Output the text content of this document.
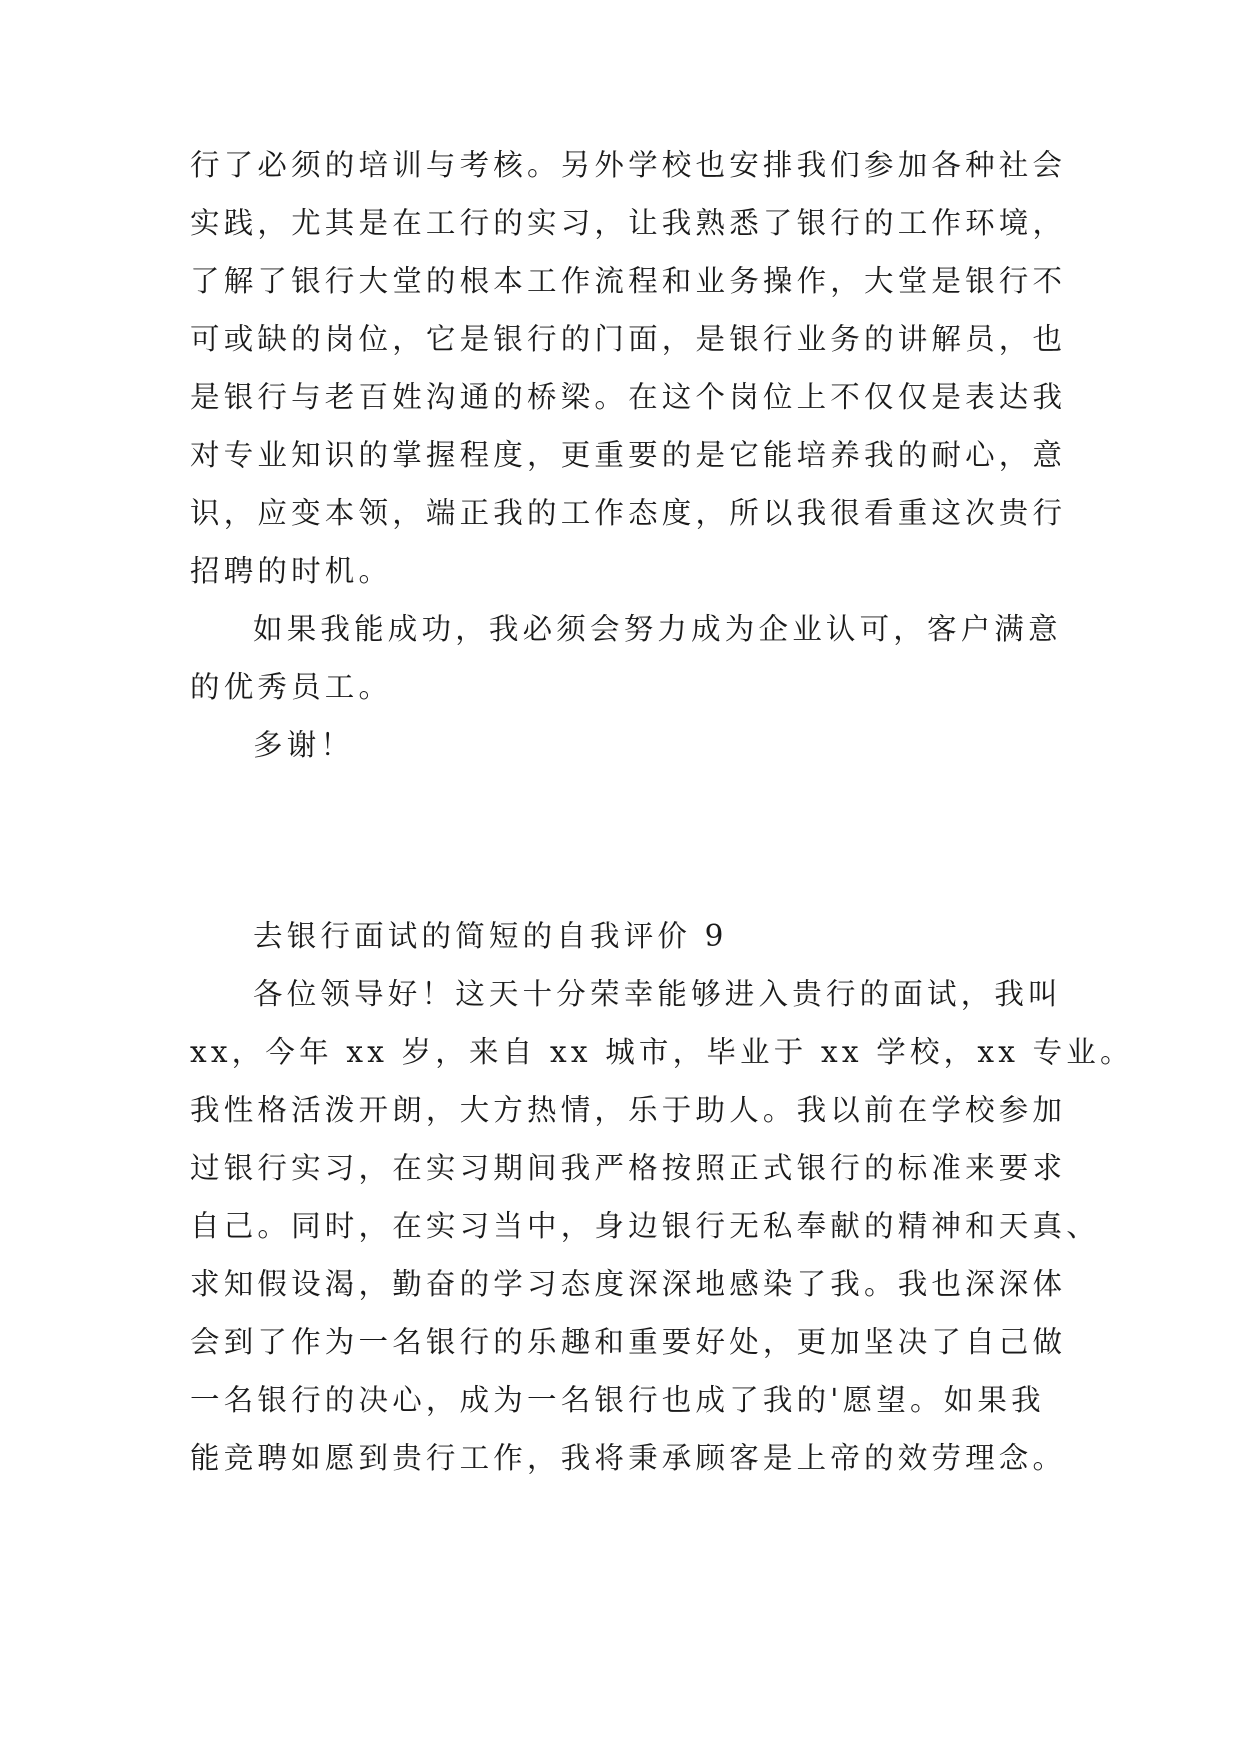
行了必须的培训与考核。另外学校也安排我们参加各种社会
实践，尤其是在工行的实习，让我熟悉了银行的工作环境，
了解了银行大堂的根本工作流程和业务操作，大堂是银行不
可或缺的岗位，它是银行的门面，是银行业务的讲解员，也
是银行与老百姓沟通的桥梁。在这个岗位上不仅仅是表达我
对专业知识的掌握程度，更重要的是它能培养我的耐心，意
识，应变本领，端正我的工作态度，所以我很看重这次贵行
招聘的时机。
如果我能成功，我必须会努力成为企业认可，客户满意
的优秀员工。
多谢！
去银行面试的简短的自我评价 9
各位领导好！这天十分荣幸能够进入贵行的面试，我叫
xx，今年 xx 岁，来自 xx 城市，毕业于 xx 学校，xx 专业。
我性格活泼开朗，大方热情，乐于助人。我以前在学校参加
过银行实习，在实习期间我严格按照正式银行的标准来要求
自己。同时，在实习当中，身边银行无私奉献的精神和天真、
求知假设渴，勤奋的学习态度深深地感染了我。我也深深体
会到了作为一名银行的乐趣和重要好处，更加坚决了自己做
一名银行的决心，成为一名银行也成了我的'愿望。如果我
能竞聘如愿到贵行工作，我将秉承顾客是上帝的效劳理念。
